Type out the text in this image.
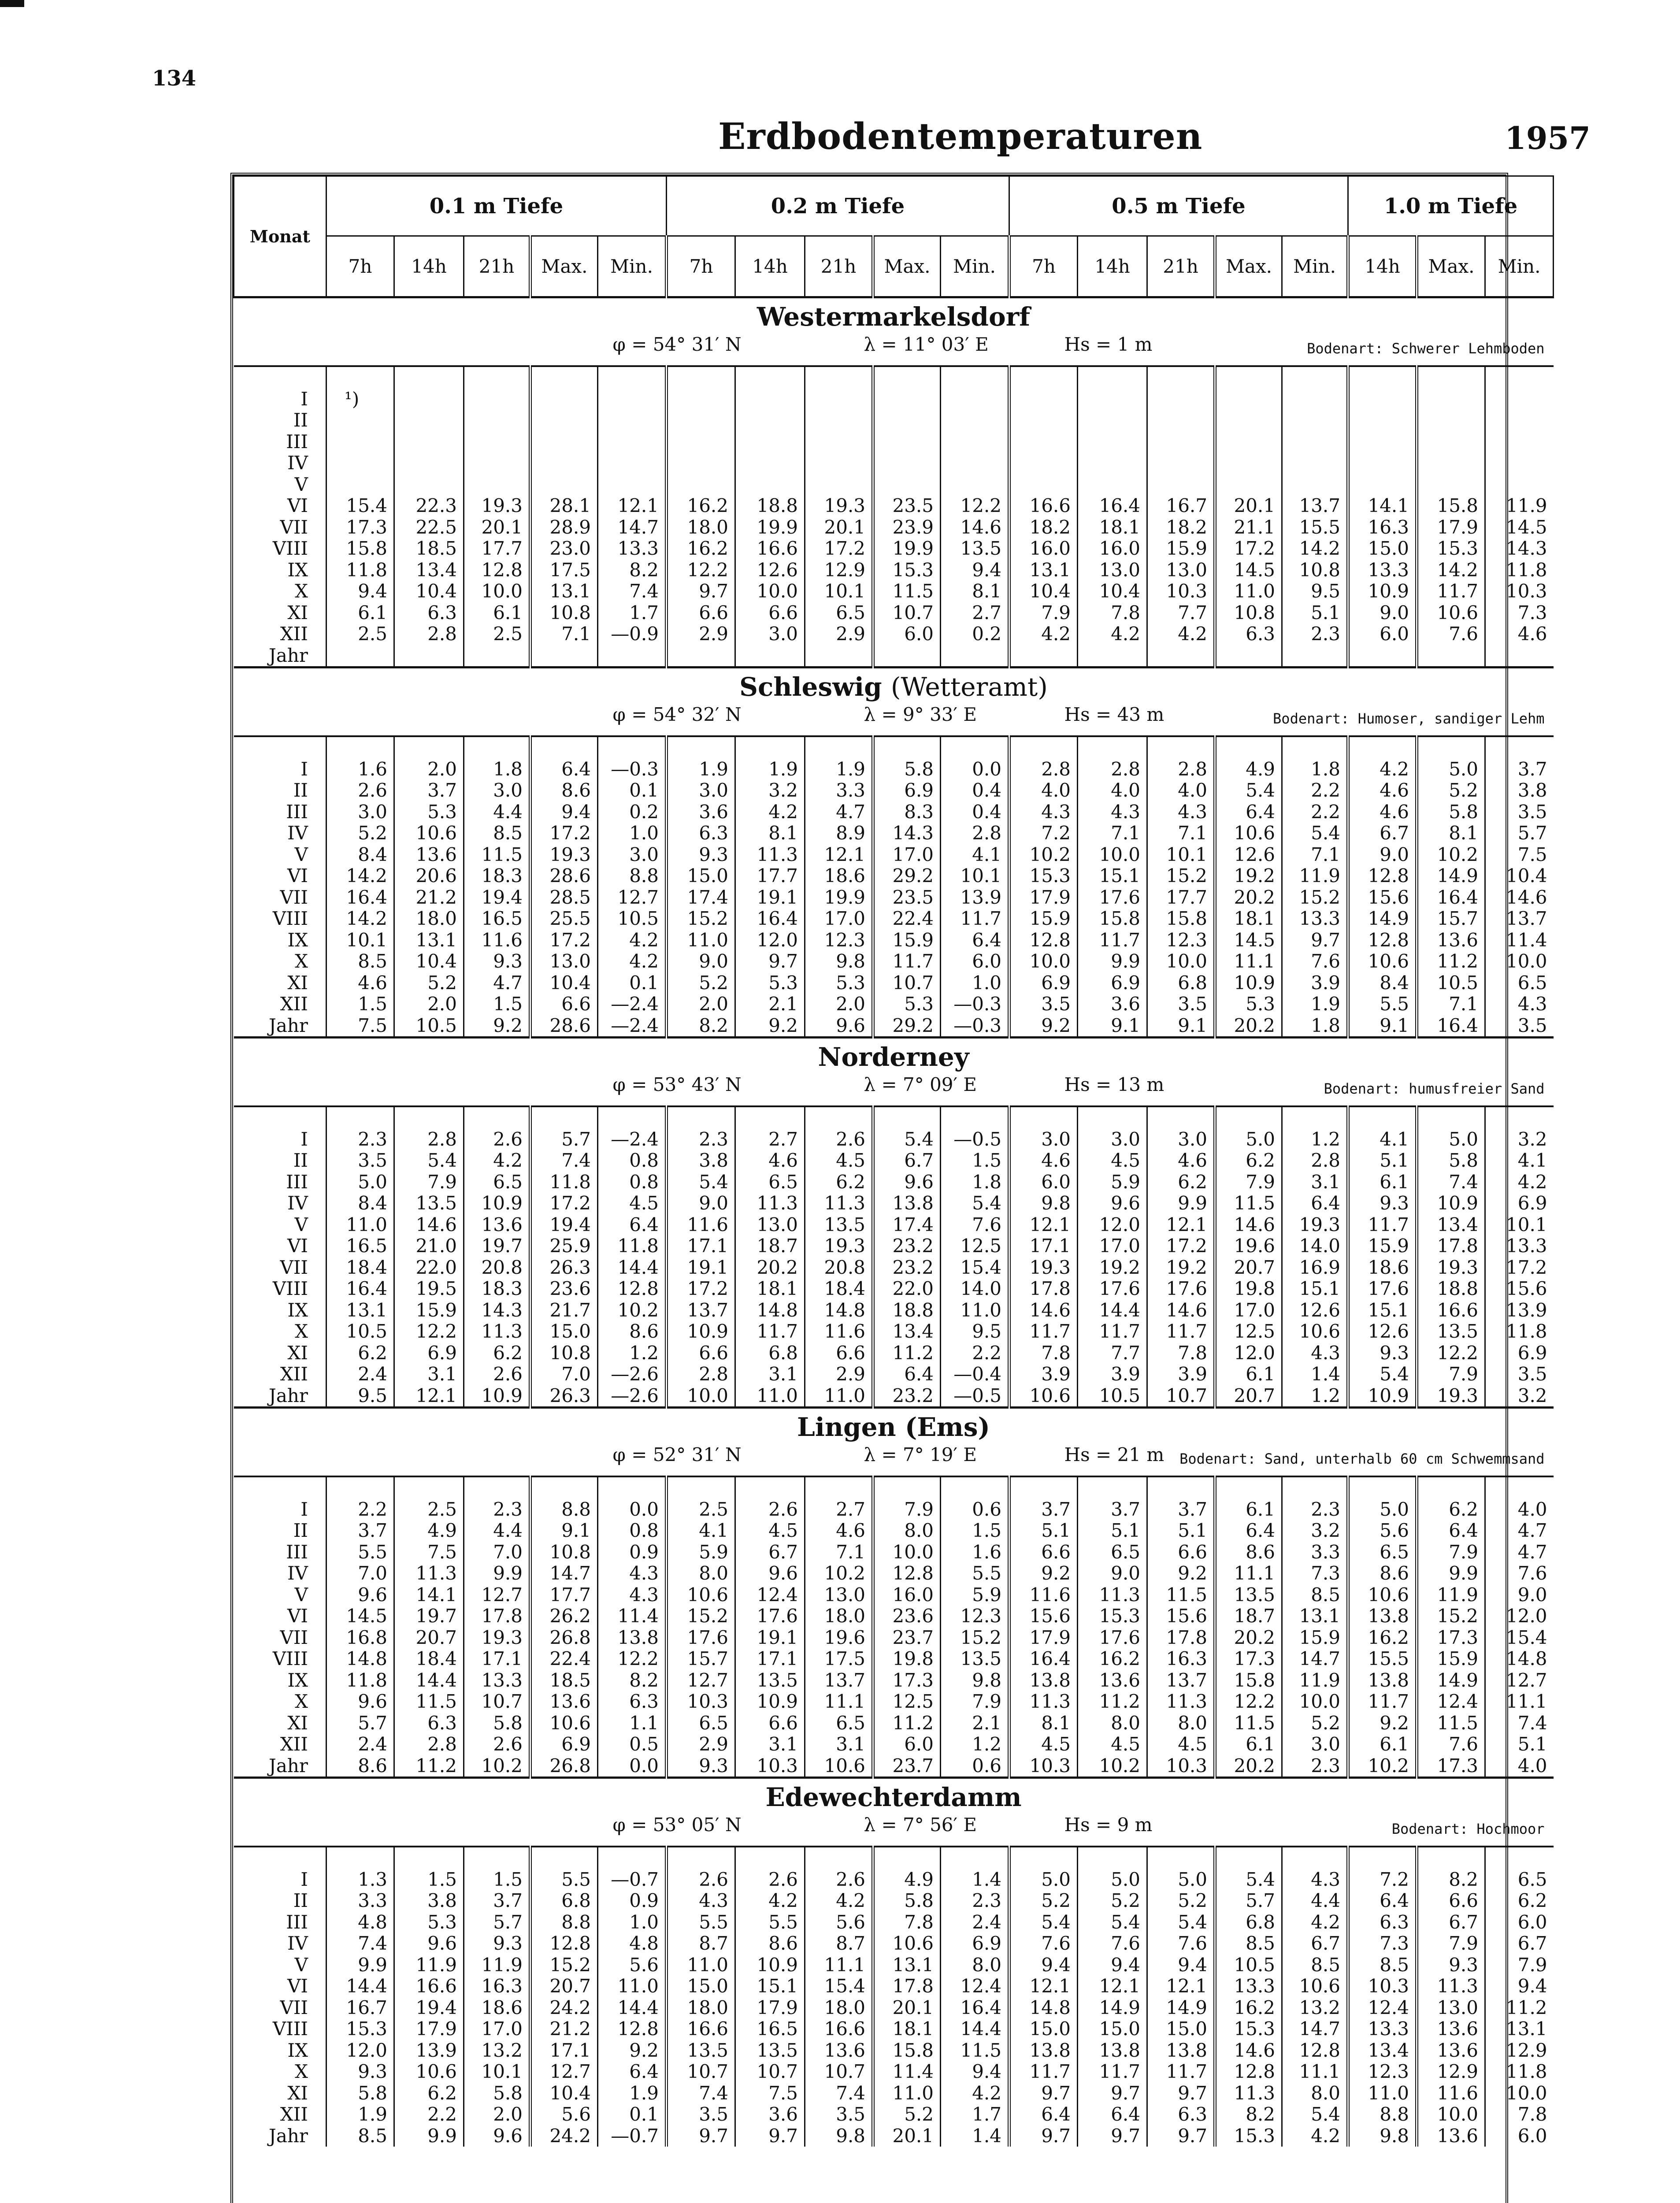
134
Erdbodentemperaturen	1957
Monat	0.1 m Tiefe					0.2 m Tiefe					0.5 m Tiefe					1.0 m Tiefe		
	7h	14h	21h	Max.	Min.	7h	14h	21h	Max.	Min.	7h	14h	21h	Max.	Min.	14h	Max.	Min.

Westermarkelsdorf
φ = 54° 31′ N λ = 11° 03′ E Hs = 1 m Bodenart: Schwerer Lehmboden																		

I	¹)																	
II																		
III																		
IV																		
V																		
VI	15.4	22.3	19.3	28.1	12.1	16.2	18.8	19.3	23.5	12.2	16.6	16.4	16.7	20.1	13.7	14.1	15.8	11.9
VII	17.3	22.5	20.1	28.9	14.7	18.0	19.9	20.1	23.9	14.6	18.2	18.1	18.2	21.1	15.5	16.3	17.9	14.5
VIII	15.8	18.5	17.7	23.0	13.3	16.2	16.6	17.2	19.9	13.5	16.0	16.0	15.9	17.2	14.2	15.0	15.3	14.3
IX	11.8	13.4	12.8	17.5	8.2	12.2	12.6	12.9	15.3	9.4	13.1	13.0	13.0	14.5	10.8	13.3	14.2	11.8
X	9.4	10.4	10.0	13.1	7.4	9.7	10.0	10.1	11.5	8.1	10.4	10.4	10.3	11.0	9.5	10.9	11.7	10.3
XI	6.1	6.3	6.1	10.8	1.7	6.6	6.6	6.5	10.7	2.7	7.9	7.8	7.7	10.8	5.1	9.0	10.6	7.3
XII	2.5	2.8	2.5	7.1	—0.9	2.9	3.0	2.9	6.0	0.2	4.2	4.2	4.2	6.3	2.3	6.0	7.6	4.6
Jahr																		

Schleswig (Wetteramt)
φ = 54° 32′ N λ = 9° 33′ E Hs = 43 m Bodenart: Humoser, sandiger Lehm																		

I	1.6	2.0	1.8	6.4	—0.3	1.9	1.9	1.9	5.8	0.0	2.8	2.8	2.8	4.9	1.8	4.2	5.0	3.7
II	2.6	3.7	3.0	8.6	0.1	3.0	3.2	3.3	6.9	0.4	4.0	4.0	4.0	5.4	2.2	4.6	5.2	3.8
III	3.0	5.3	4.4	9.4	0.2	3.6	4.2	4.7	8.3	0.4	4.3	4.3	4.3	6.4	2.2	4.6	5.8	3.5
IV	5.2	10.6	8.5	17.2	1.0	6.3	8.1	8.9	14.3	2.8	7.2	7.1	7.1	10.6	5.4	6.7	8.1	5.7
V	8.4	13.6	11.5	19.3	3.0	9.3	11.3	12.1	17.0	4.1	10.2	10.0	10.1	12.6	7.1	9.0	10.2	7.5
VI	14.2	20.6	18.3	28.6	8.8	15.0	17.7	18.6	29.2	10.1	15.3	15.1	15.2	19.2	11.9	12.8	14.9	10.4
VII	16.4	21.2	19.4	28.5	12.7	17.4	19.1	19.9	23.5	13.9	17.9	17.6	17.7	20.2	15.2	15.6	16.4	14.6
VIII	14.2	18.0	16.5	25.5	10.5	15.2	16.4	17.0	22.4	11.7	15.9	15.8	15.8	18.1	13.3	14.9	15.7	13.7
IX	10.1	13.1	11.6	17.2	4.2	11.0	12.0	12.3	15.9	6.4	12.8	11.7	12.3	14.5	9.7	12.8	13.6	11.4
X	8.5	10.4	9.3	13.0	4.2	9.0	9.7	9.8	11.7	6.0	10.0	9.9	10.0	11.1	7.6	10.6	11.2	10.0
XI	4.6	5.2	4.7	10.4	0.1	5.2	5.3	5.3	10.7	1.0	6.9	6.9	6.8	10.9	3.9	8.4	10.5	6.5
XII	1.5	2.0	1.5	6.6	—2.4	2.0	2.1	2.0	5.3	—0.3	3.5	3.6	3.5	5.3	1.9	5.5	7.1	4.3
Jahr	7.5	10.5	9.2	28.6	—2.4	8.2	9.2	9.6	29.2	—0.3	9.2	9.1	9.1	20.2	1.8	9.1	16.4	3.5

Norderney
φ = 53° 43′ N λ = 7° 09′ E Hs = 13 m Bodenart: humusfreier Sand																		

I	2.3	2.8	2.6	5.7	—2.4	2.3	2.7	2.6	5.4	—0.5	3.0	3.0	3.0	5.0	1.2	4.1	5.0	3.2
II	3.5	5.4	4.2	7.4	0.8	3.8	4.6	4.5	6.7	1.5	4.6	4.5	4.6	6.2	2.8	5.1	5.8	4.1
III	5.0	7.9	6.5	11.8	0.8	5.4	6.5	6.2	9.6	1.8	6.0	5.9	6.2	7.9	3.1	6.1	7.4	4.2
IV	8.4	13.5	10.9	17.2	4.5	9.0	11.3	11.3	13.8	5.4	9.8	9.6	9.9	11.5	6.4	9.3	10.9	6.9
V	11.0	14.6	13.6	19.4	6.4	11.6	13.0	13.5	17.4	7.6	12.1	12.0	12.1	14.6	19.3	11.7	13.4	10.1
VI	16.5	21.0	19.7	25.9	11.8	17.1	18.7	19.3	23.2	12.5	17.1	17.0	17.2	19.6	14.0	15.9	17.8	13.3
VII	18.4	22.0	20.8	26.3	14.4	19.1	20.2	20.8	23.2	15.4	19.3	19.2	19.2	20.7	16.9	18.6	19.3	17.2
VIII	16.4	19.5	18.3	23.6	12.8	17.2	18.1	18.4	22.0	14.0	17.8	17.6	17.6	19.8	15.1	17.6	18.8	15.6
IX	13.1	15.9	14.3	21.7	10.2	13.7	14.8	14.8	18.8	11.0	14.6	14.4	14.6	17.0	12.6	15.1	16.6	13.9
X	10.5	12.2	11.3	15.0	8.6	10.9	11.7	11.6	13.4	9.5	11.7	11.7	11.7	12.5	10.6	12.6	13.5	11.8
XI	6.2	6.9	6.2	10.8	1.2	6.6	6.8	6.6	11.2	2.2	7.8	7.7	7.8	12.0	4.3	9.3	12.2	6.9
XII	2.4	3.1	2.6	7.0	—2.6	2.8	3.1	2.9	6.4	—0.4	3.9	3.9	3.9	6.1	1.4	5.4	7.9	3.5
Jahr	9.5	12.1	10.9	26.3	—2.6	10.0	11.0	11.0	23.2	—0.5	10.6	10.5	10.7	20.7	1.2	10.9	19.3	3.2

Lingen (Ems)
φ = 52° 31′ N λ = 7° 19′ E Hs = 21 m Bodenart: Sand, unterhalb 60 cm Schwemmsand																		

I	2.2	2.5	2.3	8.8	0.0	2.5	2.6	2.7	7.9	0.6	3.7	3.7	3.7	6.1	2.3	5.0	6.2	4.0
II	3.7	4.9	4.4	9.1	0.8	4.1	4.5	4.6	8.0	1.5	5.1	5.1	5.1	6.4	3.2	5.6	6.4	4.7
III	5.5	7.5	7.0	10.8	0.9	5.9	6.7	7.1	10.0	1.6	6.6	6.5	6.6	8.6	3.3	6.5	7.9	4.7
IV	7.0	11.3	9.9	14.7	4.3	8.0	9.6	10.2	12.8	5.5	9.2	9.0	9.2	11.1	7.3	8.6	9.9	7.6
V	9.6	14.1	12.7	17.7	4.3	10.6	12.4	13.0	16.0	5.9	11.6	11.3	11.5	13.5	8.5	10.6	11.9	9.0
VI	14.5	19.7	17.8	26.2	11.4	15.2	17.6	18.0	23.6	12.3	15.6	15.3	15.6	18.7	13.1	13.8	15.2	12.0
VII	16.8	20.7	19.3	26.8	13.8	17.6	19.1	19.6	23.7	15.2	17.9	17.6	17.8	20.2	15.9	16.2	17.3	15.4
VIII	14.8	18.4	17.1	22.4	12.2	15.7	17.1	17.5	19.8	13.5	16.4	16.2	16.3	17.3	14.7	15.5	15.9	14.8
IX	11.8	14.4	13.3	18.5	8.2	12.7	13.5	13.7	17.3	9.8	13.8	13.6	13.7	15.8	11.9	13.8	14.9	12.7
X	9.6	11.5	10.7	13.6	6.3	10.3	10.9	11.1	12.5	7.9	11.3	11.2	11.3	12.2	10.0	11.7	12.4	11.1
XI	5.7	6.3	5.8	10.6	1.1	6.5	6.6	6.5	11.2	2.1	8.1	8.0	8.0	11.5	5.2	9.2	11.5	7.4
XII	2.4	2.8	2.6	6.9	0.5	2.9	3.1	3.1	6.0	1.2	4.5	4.5	4.5	6.1	3.0	6.1	7.6	5.1
Jahr	8.6	11.2	10.2	26.8	0.0	9.3	10.3	10.6	23.7	0.6	10.3	10.2	10.3	20.2	2.3	10.2	17.3	4.0

Edewechterdamm
φ = 53° 05′ N λ = 7° 56′ E Hs = 9 m Bodenart: Hochmoor																		

I	1.3	1.5	1.5	5.5	—0.7	2.6	2.6	2.6	4.9	1.4	5.0	5.0	5.0	5.4	4.3	7.2	8.2	6.5
II	3.3	3.8	3.7	6.8	0.9	4.3	4.2	4.2	5.8	2.3	5.2	5.2	5.2	5.7	4.4	6.4	6.6	6.2
III	4.8	5.3	5.7	8.8	1.0	5.5	5.5	5.6	7.8	2.4	5.4	5.4	5.4	6.8	4.2	6.3	6.7	6.0
IV	7.4	9.6	9.3	12.8	4.8	8.7	8.6	8.7	10.6	6.9	7.6	7.6	7.6	8.5	6.7	7.3	7.9	6.7
V	9.9	11.9	11.9	15.2	5.6	11.0	10.9	11.1	13.1	8.0	9.4	9.4	9.4	10.5	8.5	8.5	9.3	7.9
VI	14.4	16.6	16.3	20.7	11.0	15.0	15.1	15.4	17.8	12.4	12.1	12.1	12.1	13.3	10.6	10.3	11.3	9.4
VII	16.7	19.4	18.6	24.2	14.4	18.0	17.9	18.0	20.1	16.4	14.8	14.9	14.9	16.2	13.2	12.4	13.0	11.2
VIII	15.3	17.9	17.0	21.2	12.8	16.6	16.5	16.6	18.1	14.4	15.0	15.0	15.0	15.3	14.7	13.3	13.6	13.1
IX	12.0	13.9	13.2	17.1	9.2	13.5	13.5	13.6	15.8	11.5	13.8	13.8	13.8	14.6	12.8	13.4	13.6	12.9
X	9.3	10.6	10.1	12.7	6.4	10.7	10.7	10.7	11.4	9.4	11.7	11.7	11.7	12.8	11.1	12.3	12.9	11.8
XI	5.8	6.2	5.8	10.4	1.9	7.4	7.5	7.4	11.0	4.2	9.7	9.7	9.7	11.3	8.0	11.0	11.6	10.0
XII	1.9	2.2	2.0	5.6	0.1	3.5	3.6	3.5	5.2	1.7	6.4	6.4	6.3	8.2	5.4	8.8	10.0	7.8
Jahr	8.5	9.9	9.6	24.2	—0.7	9.7	9.7	9.8	20.1	1.4	9.7	9.7	9.7	15.3	4.2	9.8	13.6	6.0
